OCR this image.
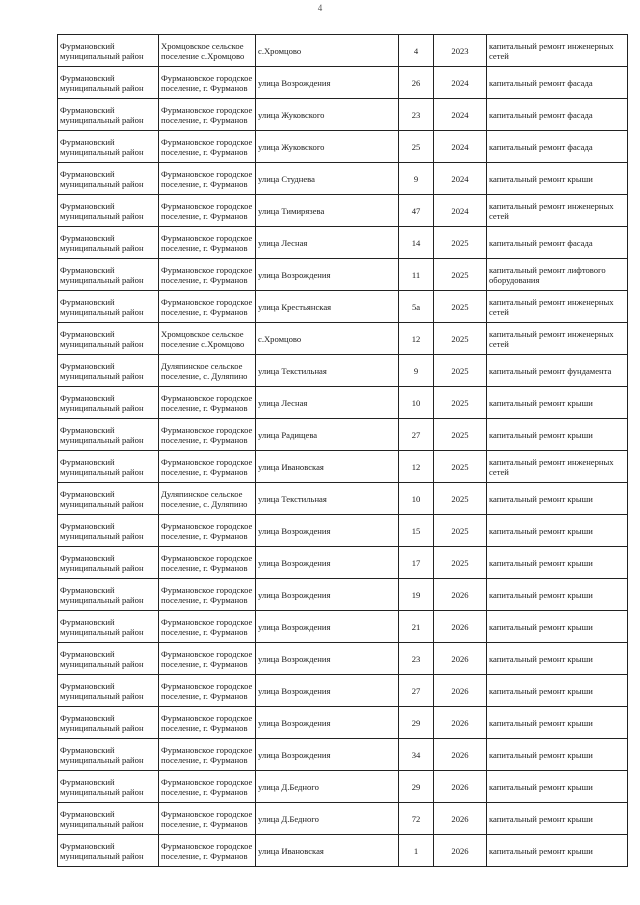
4
Фурмановский муниципальный район	Хромцовское сельское поселение с.Хромцово	с.Хромцово	4	2023	капитальный ремонт инженерных сетей
Фурмановский муниципальный район	Фурмановское городское поселение, г. Фурманов	улица Возрождения	26	2024	капитальный ремонт фасада
Фурмановский муниципальный район	Фурмановское городское поселение, г. Фурманов	улица Жуковского	23	2024	капитальный ремонт фасада
Фурмановский муниципальный район	Фурмановское городское поселение, г. Фурманов	улица Жуковского	25	2024	капитальный ремонт фасада
Фурмановский муниципальный район	Фурмановское городское поселение, г. Фурманов	улица Студнева	9	2024	капитальный ремонт крыши
Фурмановский муниципальный район	Фурмановское городское поселение, г. Фурманов	улица Тимирязева	47	2024	капитальный ремонт инженерных сетей
Фурмановский муниципальный район	Фурмановское городское поселение, г. Фурманов	улица Лесная	14	2025	капитальный ремонт фасада
Фурмановский муниципальный район	Фурмановское городское поселение, г. Фурманов	улица Возрождения	11	2025	капитальный ремонт лифтового оборудования
Фурмановский муниципальный район	Фурмановское городское поселение, г. Фурманов	улица Крестьянская	5а	2025	капитальный ремонт инженерных сетей
Фурмановский муниципальный район	Хромцовское сельское поселение с.Хромцово	с.Хромцово	12	2025	капитальный ремонт инженерных сетей
Фурмановский муниципальный район	Дуляпинское сельское поселение, с. Дуляпино	улица Текстильная	9	2025	капитальный ремонт фундамента
Фурмановский муниципальный район	Фурмановское городское поселение, г. Фурманов	улица Лесная	10	2025	капитальный ремонт крыши
Фурмановский муниципальный район	Фурмановское городское поселение, г. Фурманов	улица Радищева	27	2025	капитальный ремонт крыши
Фурмановский муниципальный район	Фурмановское городское поселение, г. Фурманов	улица Ивановская	12	2025	капитальный ремонт инженерных сетей
Фурмановский муниципальный район	Дуляпинское сельское поселение, с. Дуляпино	улица Текстильная	10	2025	капитальный ремонт крыши
Фурмановский муниципальный район	Фурмановское городское поселение, г. Фурманов	улица Возрождения	15	2025	капитальный ремонт крыши
Фурмановский муниципальный район	Фурмановское городское поселение, г. Фурманов	улица Возрождения	17	2025	капитальный ремонт крыши
Фурмановский муниципальный район	Фурмановское городское поселение, г. Фурманов	улица Возрождения	19	2026	капитальный ремонт крыши
Фурмановский муниципальный район	Фурмановское городское поселение, г. Фурманов	улица Возрождения	21	2026	капитальный ремонт крыши
Фурмановский муниципальный район	Фурмановское городское поселение, г. Фурманов	улица Возрождения	23	2026	капитальный ремонт крыши
Фурмановский муниципальный район	Фурмановское городское поселение, г. Фурманов	улица Возрождения	27	2026	капитальный ремонт крыши
Фурмановский муниципальный район	Фурмановское городское поселение, г. Фурманов	улица Возрождения	29	2026	капитальный ремонт крыши
Фурмановский муниципальный район	Фурмановское городское поселение, г. Фурманов	улица Возрождения	34	2026	капитальный ремонт крыши
Фурмановский муниципальный район	Фурмановское городское поселение, г. Фурманов	улица Д.Бедного	29	2026	капитальный ремонт крыши
Фурмановский муниципальный район	Фурмановское городское поселение, г. Фурманов	улица Д.Бедного	72	2026	капитальный ремонт крыши
Фурмановский муниципальный район	Фурмановское городское поселение, г. Фурманов	улица Ивановская	1	2026	капитальный ремонт крыши
